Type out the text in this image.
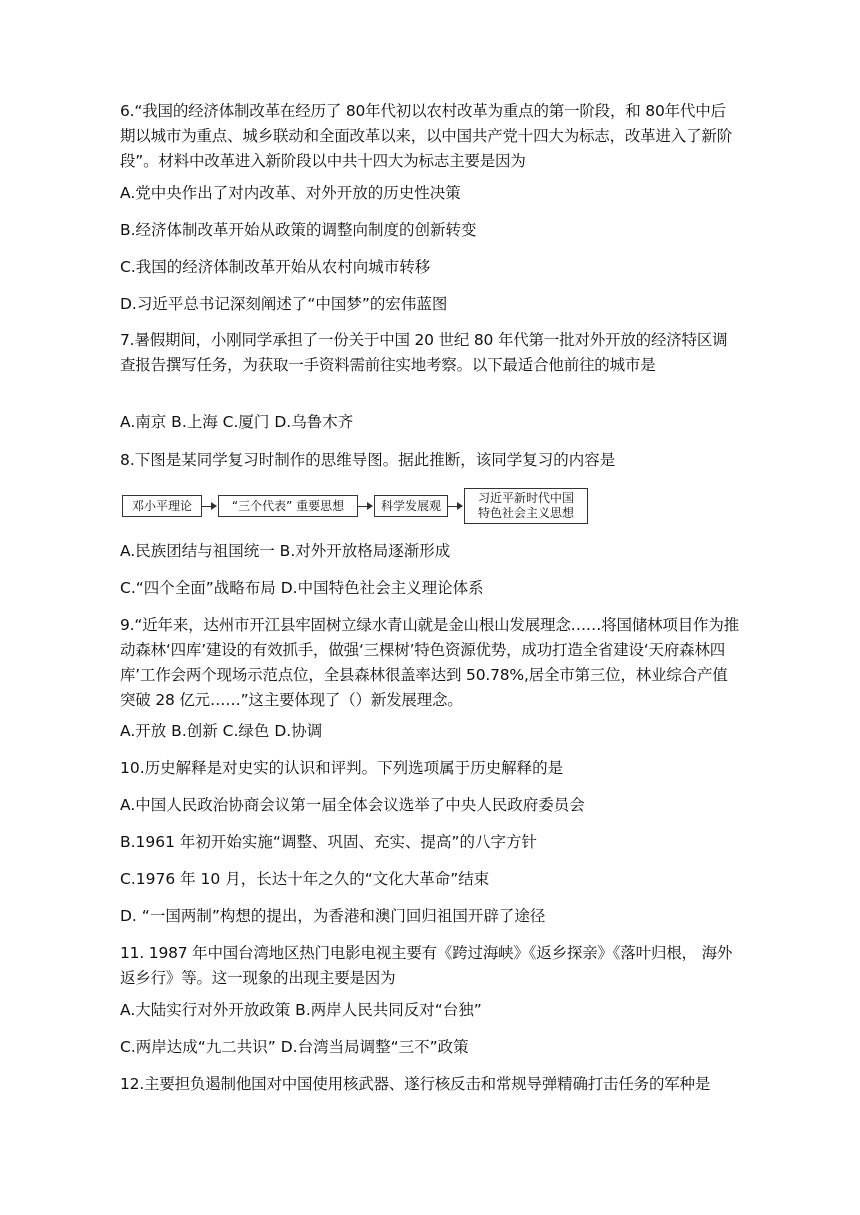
6.“我国的经济体制改革在经历了 80年代初以农村改革为重点的第一阶段，和 80年代中后期以城市为重点、城乡联动和全面改革以来，以中国共产党十四大为标志，改革进入了新阶段”。材料中改革进入新阶段以中共十四大为标志主要是因为

A.党中央作出了对内改革、对外开放的历史性决策

B.经济体制改革开始从政策的调整向制度的创新转变

C.我国的经济体制改革开始从农村向城市转移

D.习近平总书记深刻阐述了“中国梦”的宏伟蓝图

7.暑假期间，小刚同学承担了一份关于中国 20 世纪 80 年代第一批对外开放的经济特区调查报告撰写任务，为获取一手资料需前往实地考察。以下最适合他前往的城市是

A.南京 B.上海 C.厦门 D.乌鲁木齐

8.下图是某同学复习时制作的思维导图。据此推断，该同学复习的内容是

邓小平理论	“三个代表” 重要思想	科学发展观
习近平新时代中国
特色社会主义思想

A.民族团结与祖国统一 B.对外开放格局逐渐形成

C.“四个全面”战略布局 D.中国特色社会主义理论体系

9.“近年来，达州市开江县牢固树立绿水青山就是金山根山发展理念……将国储林项目作为推动森林‘四库’建设的有效抓手，做强‘三棵树’特色资源优势，成功打造全省建设‘天府森林四库’工作会两个现场示范点位，全县森林很盖率达到 50.78%,居全市第三位，林业综合产值突破 28 亿元……”这主要体现了（）新发展理念。

A.开放 B.创新 C.绿色 D.协调

10.历史解释是对史实的认识和评判。下列选项属于历史解释的是

A.中国人民政治协商会议第一届全体会议选举了中央人民政府委员会

B.1961 年初开始实施“调整、巩固、充实、提高”的八字方针

C.1976 年 10 月，长达十年之久的“文化大革命”结束

D. “一国两制”构想的提出，为香港和澳门回归祖国开辟了途径

11. 1987 年中国台湾地区热门电影电视主要有《跨过海峡》《返乡探亲》《落叶归根， 海外返乡行》等。这一现象的出现主要是因为

A.大陆实行对外开放政策 B.两岸人民共同反对“台独”

C.两岸达成“九二共识” D.台湾当局调整“三不”政策

12.主要担负遏制他国对中国使用核武器、遂行核反击和常规导弹精确打击任务的军种是
